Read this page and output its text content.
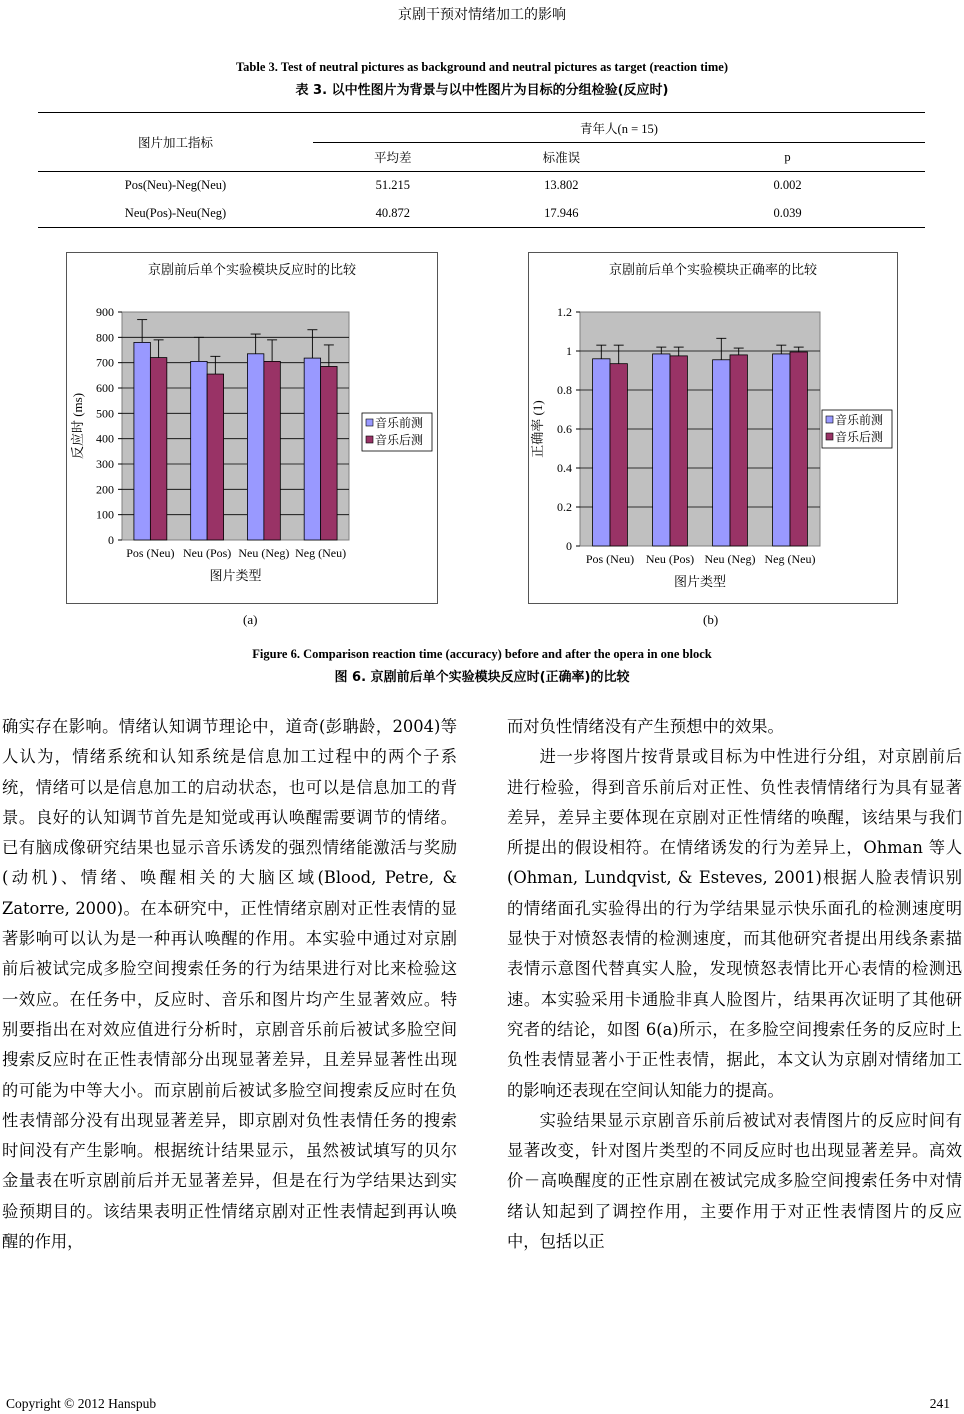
京剧干预对情绪加工的影响
Table 3. Test of neutral pictures as background and neutral pictures as target (reaction time)
表 3. 以中性图片为背景与以中性图片为目标的分组检验(反应时)
图片加工指标	青年人(n = 15)		
	平均差	标准误	p
Pos(Neu)-Neg(Neu)	51.215	13.802	0.002
Neu(Pos)-Neu(Neg)	40.872	17.946	0.039
京剧前后单个实验模块反应时的比较
0
100
200
300
400
500
600
700
800
900
Pos (Neu) Neu (Pos) Neu (Neg) Neg (Neu)
图片类型
反应时 (ms)	音乐前测
音乐后测
京剧前后单个实验模块正确率的比较
0
0.2
0.4
0.6
0.8
1
1.2
Pos (Neu) Neu (Pos) Neu (Neg) Neg (Neu)
图片类型
正确率 (1)	音乐前测
音乐后测
(a)	(b)
Figure 6. Comparison reaction time (accuracy) before and after the opera in one block
图 6. 京剧前后单个实验模块反应时(正确率)的比较

确实存在影响。情绪认知调节理论中，道奇(彭聃龄，2004)等人认为，情绪系统和认知系统是信息加工过程中的两个子系统，情绪可以是信息加工的启动状态，也可以是信息加工的背景。良好的认知调节首先是知觉或再认唤醒需要调节的情绪。已有脑成像研究结果也显示音乐诱发的强烈情绪能激活与奖励(动机)、情绪、唤醒相关的大脑区域(Blood, Petre, & Zatorre, 2000)。在本研究中，正性情绪京剧对正性表情的显著影响可以认为是一种再认唤醒的作用。本实验中通过对京剧前后被试完成多脸空间搜索任务的行为结果进行对比来检验这一效应。在任务中，反应时、音乐和图片均产生显著效应。特别要指出在对效应值进行分析时，京剧音乐前后被试多脸空间搜索反应时在正性表情部分出现显著差异，且差异显著性出现的可能为中等大小。而京剧前后被试多脸空间搜索反应时在负性表情部分没有出现显著差异，即京剧对负性表情任务的搜索时间没有产生影响。根据统计结果显示，虽然被试填写的贝尔金量表在听京剧前后并无显著差异，但是在行为学结果达到实验预期目的。该结果表明正性情绪京剧对正性表情起到再认唤醒的作用，

而对负性情绪没有产生预想中的效果。

进一步将图片按背景或目标为中性进行分组，对京剧前后进行检验，得到音乐前后对正性、负性表情情绪行为具有显著差异，差异主要体现在京剧对正性情绪的唤醒，该结果与我们所提出的假设相符。在情绪诱发的行为差异上，Ohman 等人(Ohman, Lundqvist, & Esteves, 2001)根据人脸表情识别的情绪面孔实验得出的行为学结果显示快乐面孔的检测速度明显快于对愤怒表情的检测速度，而其他研究者提出用线条素描表情示意图代替真实人脸，发现愤怒表情比开心表情的检测迅速。本实验采用卡通脸非真人脸图片，结果再次证明了其他研究者的结论，如图 6(a)所示，在多脸空间搜索任务的反应时上负性表情显著小于正性表情，据此，本文认为京剧对情绪加工的影响还表现在空间认知能力的提高。

实验结果显示京剧音乐前后被试对表情图片的反应时间有显著改变，针对图片类型的不同反应时也出现显著差异。高效价－高唤醒度的正性京剧在被试完成多脸空间搜索任务中对情绪认知起到了调控作用，主要作用于对正性表情图片的反应中，包括以正

Copyright © 2012 Hanspub	241
